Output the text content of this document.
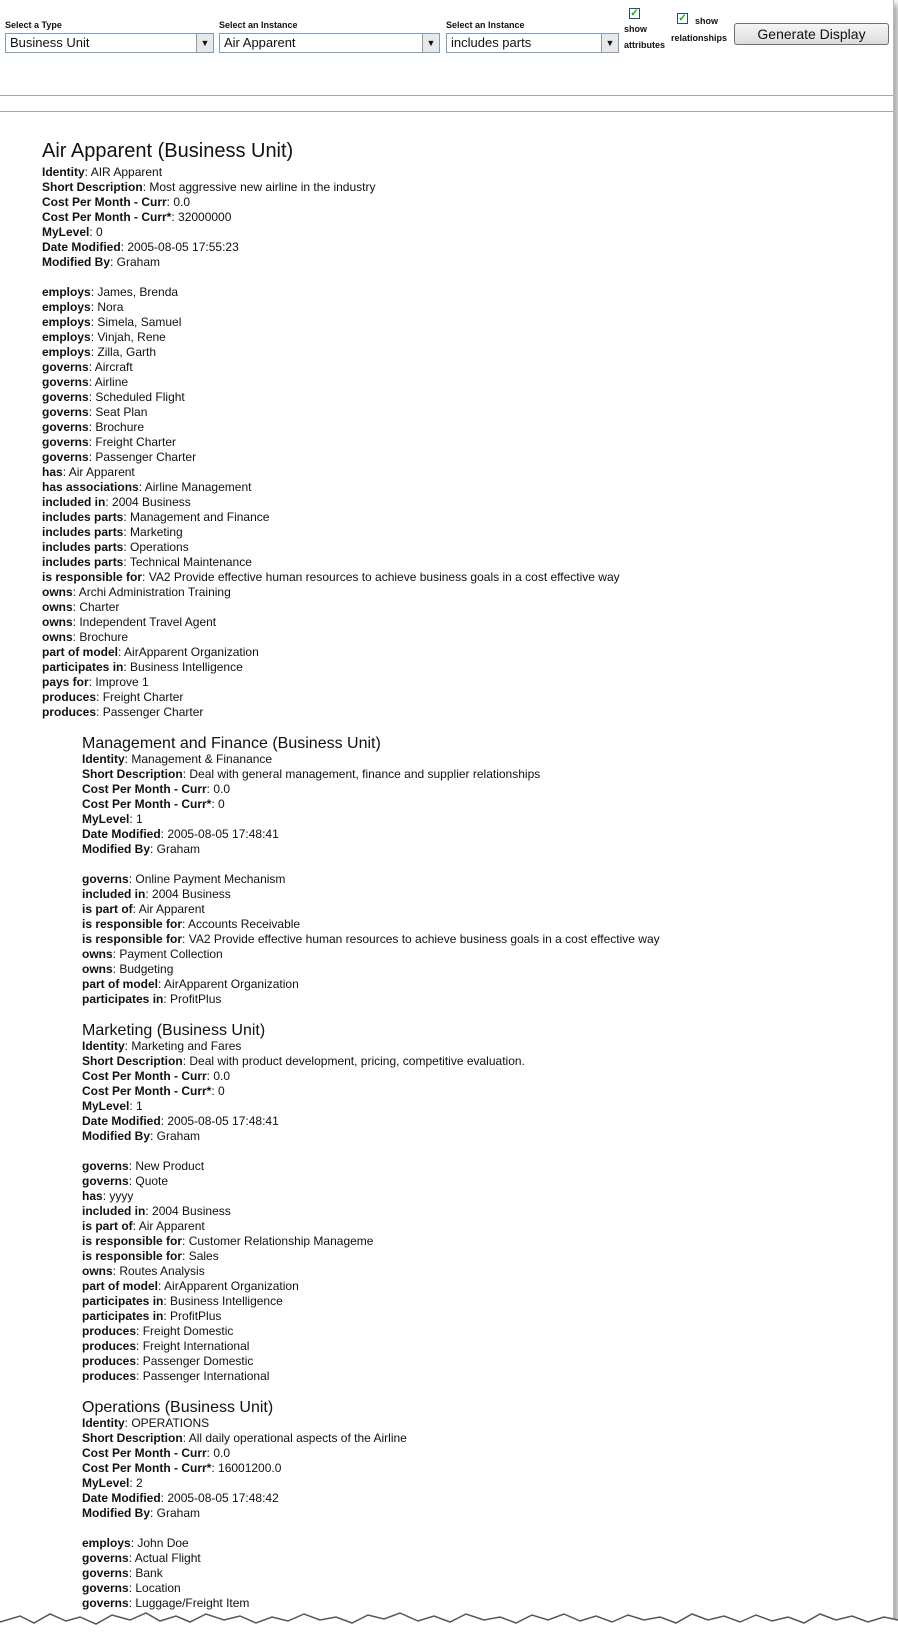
Select a Type
Business Unit	▼
Select an Instance
Air Apparent	▼
Select an Instance
includes parts	▼
✓
show
attributes
✓ show
relationships	Generate Display
Air Apparent (Business Unit)
Identity: AIR Apparent
Short Description: Most aggressive new airline in the industry
Cost Per Month - Curr: 0.0
Cost Per Month - Curr*: 32000000
MyLevel: 0
Date Modified: 2005-08-05 17:55:23
Modified By: Graham
employs: James, Brenda
employs: Nora
employs: Simela, Samuel
employs: Vinjah, Rene
employs: Zilla, Garth
governs: Aircraft
governs: Airline
governs: Scheduled Flight
governs: Seat Plan
governs: Brochure
governs: Freight Charter
governs: Passenger Charter
has: Air Apparent
has associations: Airline Management
included in: 2004 Business
includes parts: Management and Finance
includes parts: Marketing
includes parts: Operations
includes parts: Technical Maintenance
is responsible for: VA2 Provide effective human resources to achieve business goals in a cost effective way
owns: Archi Administration Training
owns: Charter
owns: Independent Travel Agent
owns: Brochure
part of model: AirApparent Organization
participates in: Business Intelligence
pays for: Improve 1
produces: Freight Charter
produces: Passenger Charter
Management and Finance (Business Unit)
Identity: Management & Finanance
Short Description: Deal with general management, finance and supplier relationships
Cost Per Month - Curr: 0.0
Cost Per Month - Curr*: 0
MyLevel: 1
Date Modified: 2005-08-05 17:48:41
Modified By: Graham
governs: Online Payment Mechanism
included in: 2004 Business
is part of: Air Apparent
is responsible for: Accounts Receivable
is responsible for: VA2 Provide effective human resources to achieve business goals in a cost effective way
owns: Payment Collection
owns: Budgeting
part of model: AirApparent Organization
participates in: ProfitPlus
Marketing (Business Unit)
Identity: Marketing and Fares
Short Description: Deal with product development, pricing, competitive evaluation.
Cost Per Month - Curr: 0.0
Cost Per Month - Curr*: 0
MyLevel: 1
Date Modified: 2005-08-05 17:48:41
Modified By: Graham
governs: New Product
governs: Quote
has: yyyy
included in: 2004 Business
is part of: Air Apparent
is responsible for: Customer Relationship Manageme
is responsible for: Sales
owns: Routes Analysis
part of model: AirApparent Organization
participates in: Business Intelligence
participates in: ProfitPlus
produces: Freight Domestic
produces: Freight International
produces: Passenger Domestic
produces: Passenger International
Operations (Business Unit)
Identity: OPERATIONS
Short Description: All daily operational aspects of the Airline
Cost Per Month - Curr: 0.0
Cost Per Month - Curr*: 16001200.0
MyLevel: 2
Date Modified: 2005-08-05 17:48:42
Modified By: Graham
employs: John Doe
governs: Actual Flight
governs: Bank
governs: Location
governs: Luggage/Freight Item
